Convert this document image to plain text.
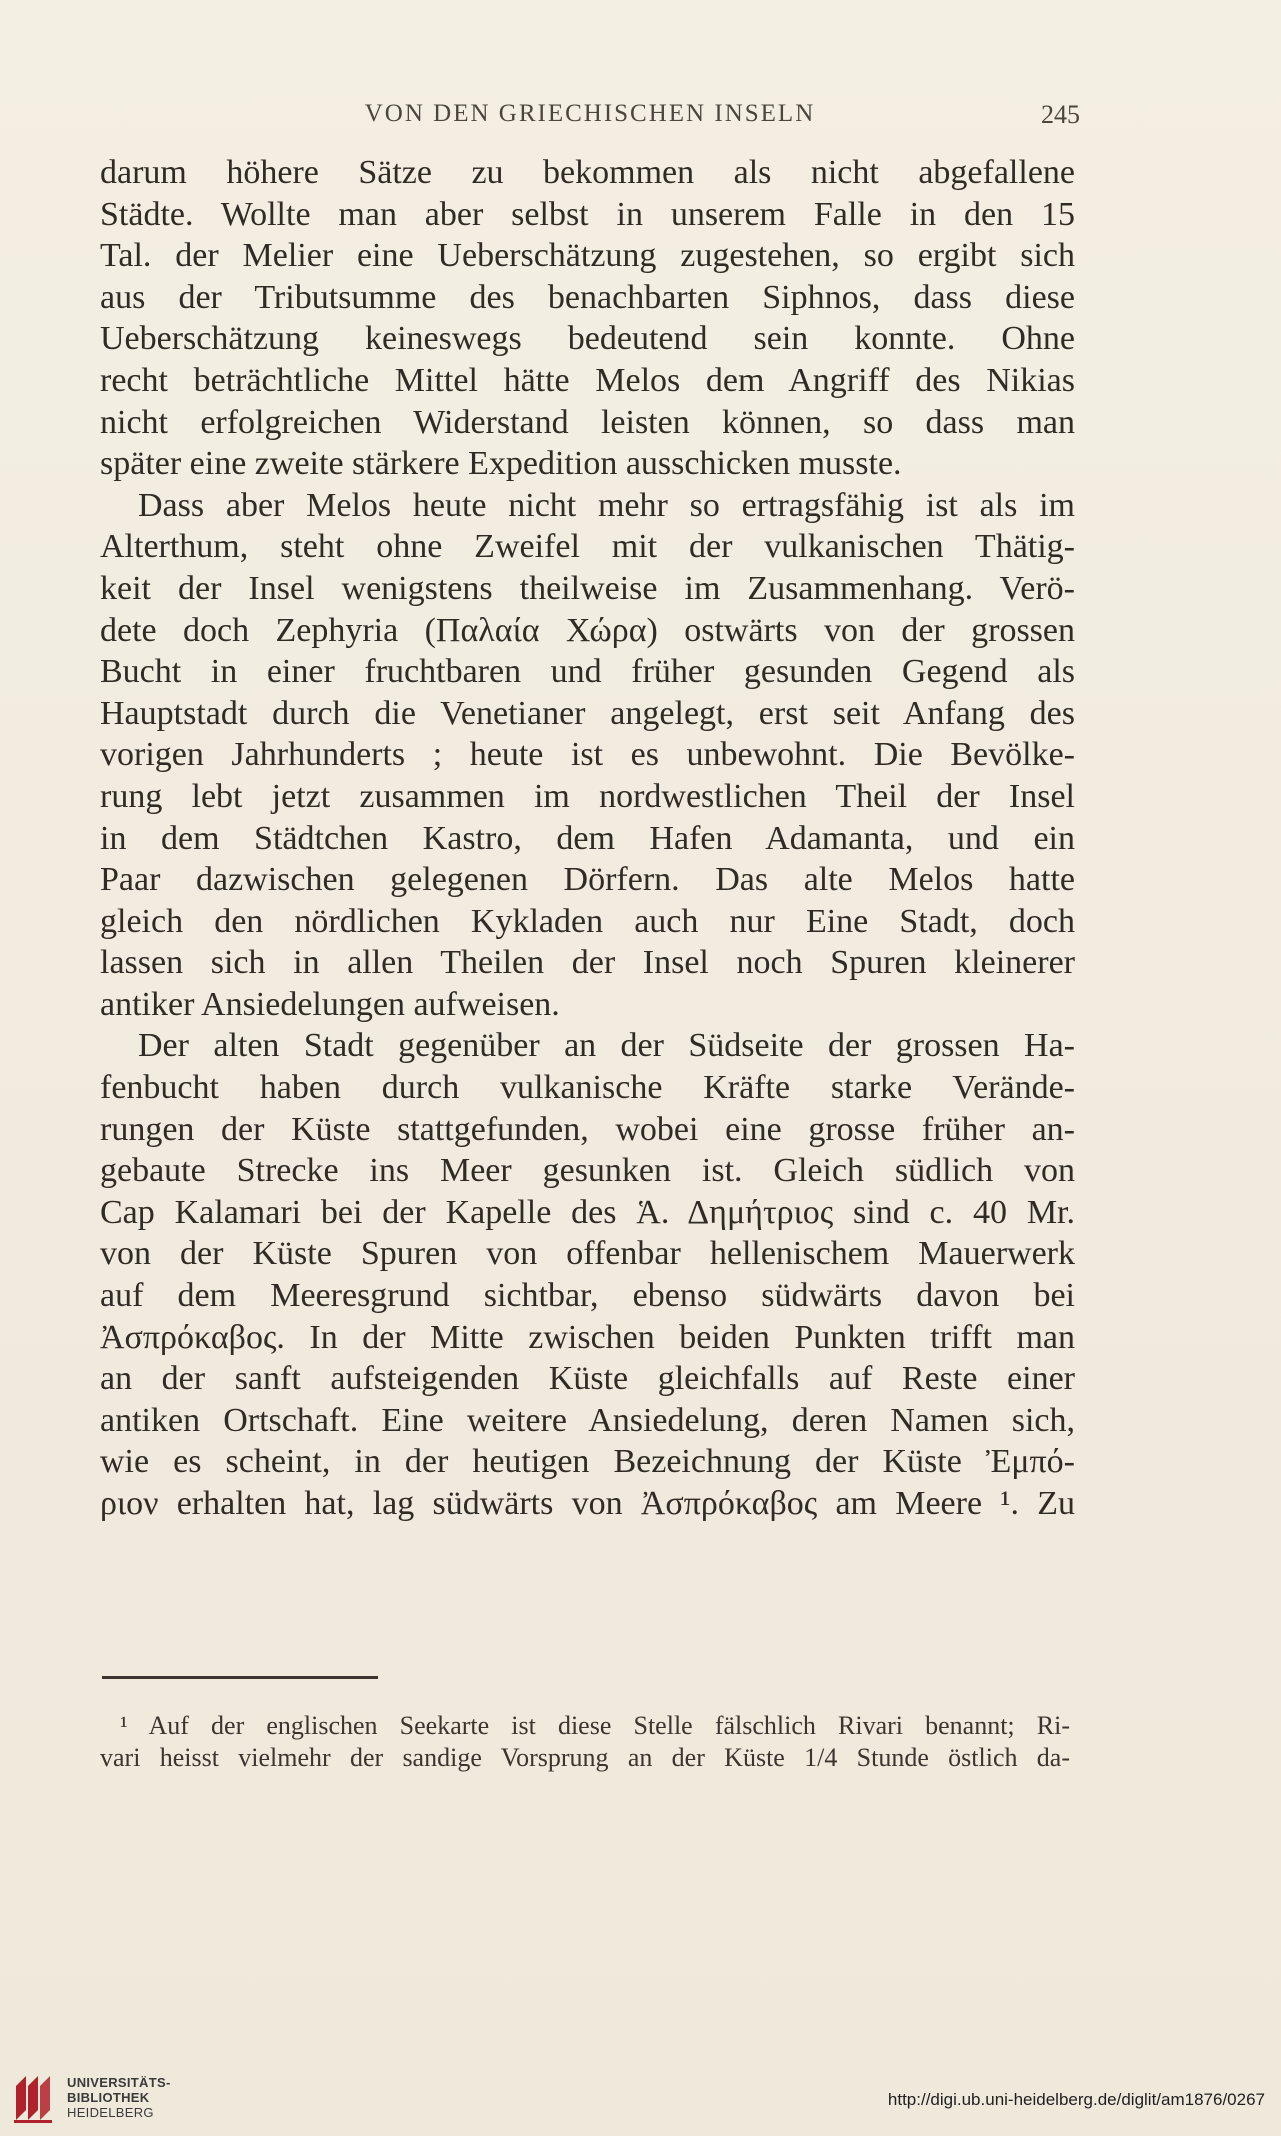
VON DEN GRIECHISCHEN INSELN	245

darum höhere Sätze zu bekommen als nicht abgefallene
Städte. Wollte man aber selbst in unserem Falle in den 15
Tal. der Melier eine Ueberschätzung zugestehen, so ergibt sich
aus der Tributsumme des benachbarten Siphnos, dass diese
Ueberschätzung keineswegs bedeutend sein konnte. Ohne
recht beträchtliche Mittel hätte Melos dem Angriff des Nikias
nicht erfolgreichen Widerstand leisten können, so dass man
später eine zweite stärkere Expedition ausschicken musste.

Dass aber Melos heute nicht mehr so ertragsfähig ist als im
Alterthum, steht ohne Zweifel mit der vulkanischen Thätig-
keit der Insel wenigstens theilweise im Zusammenhang. Verö-
dete doch Zephyria (Παλαία Χώρα) ostwärts von der grossen
Bucht in einer fruchtbaren und früher gesunden Gegend als
Hauptstadt durch die Venetianer angelegt, erst seit Anfang des
vorigen Jahrhunderts ; heute ist es unbewohnt. Die Bevölke-
rung lebt jetzt zusammen im nordwestlichen Theil der Insel
in dem Städtchen Kastro, dem Hafen Adamanta, und ein
Paar dazwischen gelegenen Dörfern. Das alte Melos hatte
gleich den nördlichen Kykladen auch nur Eine Stadt, doch
lassen sich in allen Theilen der Insel noch Spuren kleinerer
antiker Ansiedelungen aufweisen.

Der alten Stadt gegenüber an der Südseite der grossen Ha-
fenbucht haben durch vulkanische Kräfte starke Verände-
rungen der Küste stattgefunden, wobei eine grosse früher an-
gebaute Strecke ins Meer gesunken ist. Gleich südlich von
Cap Kalamari bei der Kapelle des Ἁ. Δημήτριος sind c. 40 Mr.
von der Küste Spuren von offenbar hellenischem Mauerwerk
auf dem Meeresgrund sichtbar, ebenso südwärts davon bei
Ἀσπρόκαβος. In der Mitte zwischen beiden Punkten trifft man
an der sanft aufsteigenden Küste gleichfalls auf Reste einer
antiken Ortschaft. Eine weitere Ansiedelung, deren Namen sich,
wie es scheint, in der heutigen Bezeichnung der Küste Ἐμπό-
ριον erhalten hat, lag südwärts von Ἀσπρόκαβος am Meere ¹. Zu

¹ Auf der englischen Seekarte ist diese Stelle fälschlich Rivari benannt; Ri-
vari heisst vielmehr der sandige Vorsprung an der Küste 1/4 Stunde östlich da-
UNIVERSITÄTS-
BIBLIOTHEK
HEIDELBERG
http://digi.ub.uni-heidelberg.de/diglit/am1876/0267
